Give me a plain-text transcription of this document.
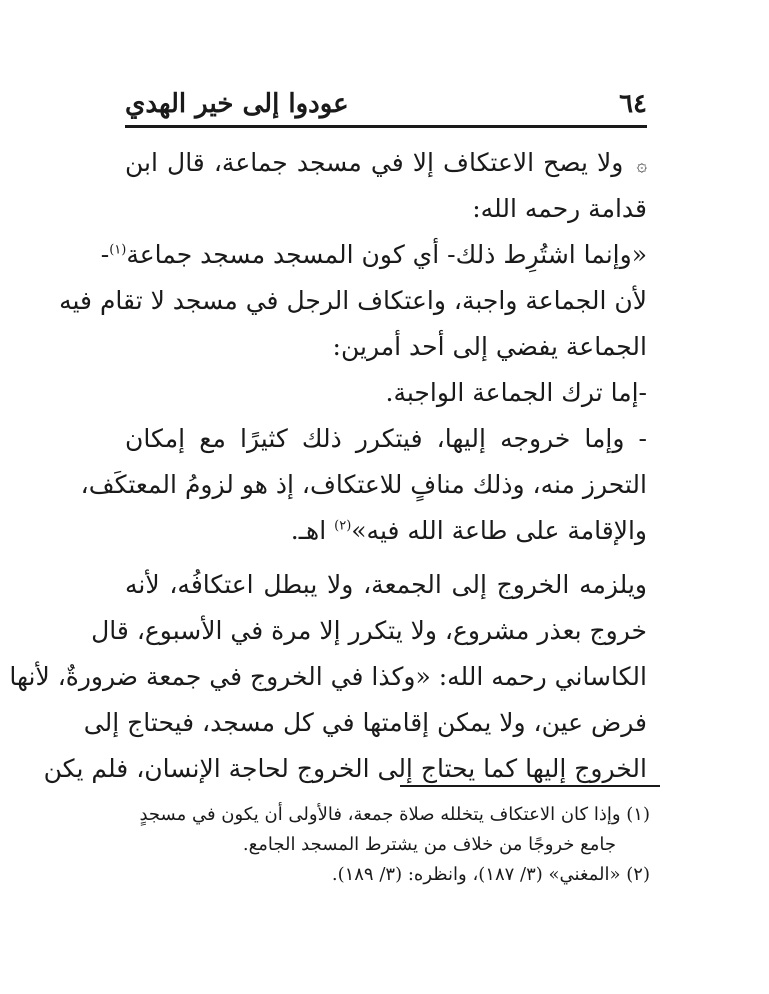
٦٤
عودوا إلى خير الهدي
۞ ولا يصح الاعتكاف إلا في مسجد جماعة، قال ابن
قدامة رحمه الله:
«وإنما اشتُرِط ذلك- أي كون المسجد مسجد جماعة$^{(١)}$-
لأن الجماعة واجبة، واعتكاف الرجل في مسجد لا تقام فيه
الجماعة يفضي إلى أحد أمرين:
-إما ترك الجماعة الواجبة.
- وإما خروجه إليها، فيتكرر ذلك كثيرًا مع إمكان
التحرز منه، وذلك منافٍ للاعتكاف، إذ هو لزومُ المعتكَف،
والإقامة على طاعة الله فيه»$^{(٢)}$ اهـ.
ويلزمه الخروج إلى الجمعة، ولا يبطل اعتكافُه، لأنه
خروج بعذر مشروع، ولا يتكرر إلا مرة في الأسبوع، قال
الكاساني رحمه الله: «وكذا في الخروج في جمعة ضرورةٌ، لأنها
فرض عين، ولا يمكن إقامتها في كل مسجد، فيحتاج إلى
الخروج إليها كما يحتاج إلى الخروج لحاجة الإنسان، فلم يكن
(١) وإذا كان الاعتكاف يتخلله صلاة جمعة، فالأولى أن يكون في مسجدٍ
جامع خروجًا من خلاف من يشترط المسجد الجامع.
(٢) «المغني» (٣/ ١٨٧)، وانظره: (٣/ ١٨٩).
